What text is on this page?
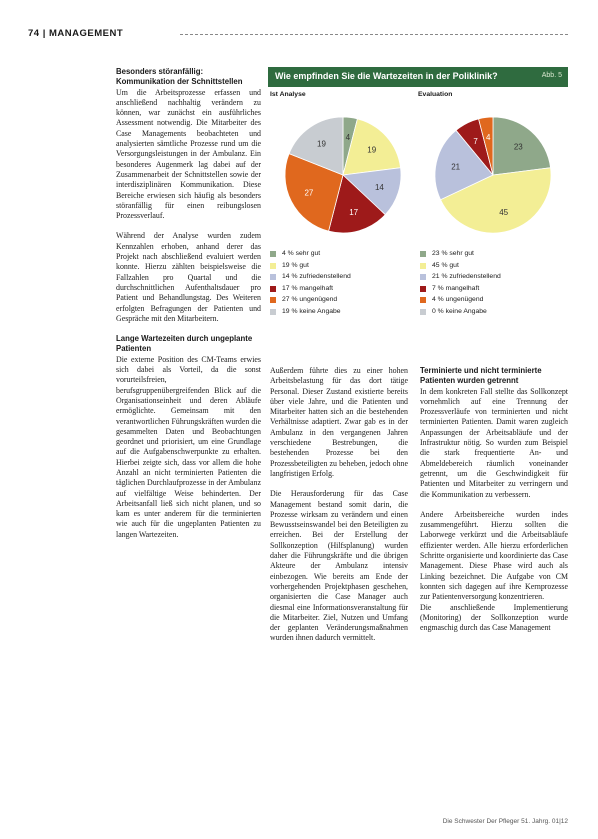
74 | MANAGEMENT

Besonders störanfällig: Kommunikation der Schnittstellen

Um die Arbeitsprozesse erfassen und anschließend nachhaltig verändern zu können, war zunächst ein ausführliches Assessment notwendig. Die Mitarbeiter des Case Managements beobachteten und analysierten sämtliche Prozesse rund um die Versorgungsleistungen in der Ambulanz. Ein besonderes Augenmerk lag dabei auf der Zusammenarbeit der Schnittstellen sowie der interdisziplinären Kommunikation. Diese Bereiche erwiesen sich häufig als besonders störanfällig für einen reibungslosen Prozessverlauf.

Während der Analyse wurden zudem Kennzahlen erhoben, anhand derer das Projekt nach abschließend evaluiert werden konnte. Hierzu zählten beispielsweise die Fallzahlen pro Quartal und die durchschnittlichen Aufenthaltsdauer pro Patient und Behandlungstag. Des Weiteren erfolgten Befragungen der Patienten und Gespräche mit den Mitarbeitern.

Lange Wartezeiten durch ungeplante Patienten

Die externe Position des CM-Teams erwies sich dabei als Vorteil, da die sonst vorurteilsfreien, berufsgruppenübergreifenden Blick auf die Organisationseinheit und deren Abläufe ermöglichte. Gemeinsam mit den verantwortlichen Führungskräften wurden die gesammelten Daten und Beobachtungen geordnet und priorisiert, um eine Grundlage auf die Aufgabenschwerpunkte zu erhalten. Hierbei zeigte sich, dass vor allem die hohe Anzahl an nicht terminierten Patienten die täglichen Durchlaufprozesse in der Ambulanz auf vielfältige Weise behinderten. Der Arbeitsanfall ließ sich nicht planen, und so kam es unter anderem für die terminierten wie auch für die ungeplanten Patienten zu langen Wartezeiten.

Wie empfinden Sie die Wartezeiten in der Poliklinik?	Abb. 5
Ist Analyse	Evaluation
4
19
14
17
27
19	23
45
21
7 4
4 % sehr gut
19 % gut
14 % zufriedenstellend
17 % mangelhaft
27 % ungenügend
19 % keine Angabe
23 % sehr gut
45 % gut
21 % zufriedenstellend
7 % mangelhaft
4 % ungenügend
0 % keine Angabe

Außerdem führte dies zu einer hohen Arbeitsbelastung für das dort tätige Personal. Dieser Zustand existierte bereits über viele Jahre, und die Patienten und Mitarbeiter hatten sich an die bestehenden Verhältnisse adaptiert. Zwar gab es in der Ambulanz in den vergangenen Jahren verschiedene Bestrebungen, die bestehenden Prozesse bei den Prozessbeteiligten zu beheben, jedoch ohne langfristigen Erfolg.

Die Herausforderung für das Case Management bestand somit darin, die Prozesse wirksam zu verändern und einen Bewusstseinswandel bei den Beteiligten zu erreichen. Bei der Erstellung der Sollkonzeption (Hilfsplanung) wurden daher die Führungskräfte und die übrigen Akteure der Ambulanz intensiv einbezogen. Wie bereits am Ende der vorhergehenden Projektphasen geschehen, organisierten die Case Manager auch diesmal eine Informationsveranstaltung für die Mitarbeiter. Ziel, Nutzen und Umfang der geplanten Veränderungsmaßnahmen wurden ihnen dadurch vermittelt.

Terminierte und nicht terminierte Patienten wurden getrennt

In dem konkreten Fall stellte das Sollkonzept vornehmlich auf eine Trennung der Prozessverläufe von terminierten und nicht terminierten Patienten. Damit waren zugleich Anpassungen der Arbeitsabläufe und der Infrastruktur nötig. So wurden zum Beispiel die stark frequentierte An- und Abmeldebereich räumlich voneinander getrennt, um die Geschwindigkeit für Patienten und Mitarbeiter zu verringern und die Kommunikation zu verbessern.

Andere Arbeitsbereiche wurden indes zusammengeführt. Hierzu sollten die Laborwege verkürzt und die Arbeitsabläufe effizienter werden. Alle hierzu erforderlichen Schritte organisierte und koordinierte das Case Management. Diese Phase wird auch als Linking bezeichnet. Die Aufgabe von CM konnten sich dagegen auf ihre Kernprozesse zur Patientenversorgung konzentrieren.

Die anschließende Implementierung (Monitoring) der Sollkonzeption wurde engmaschig durch das Case Management

Die Schwester Der Pfleger 51. Jahrg. 01|12
